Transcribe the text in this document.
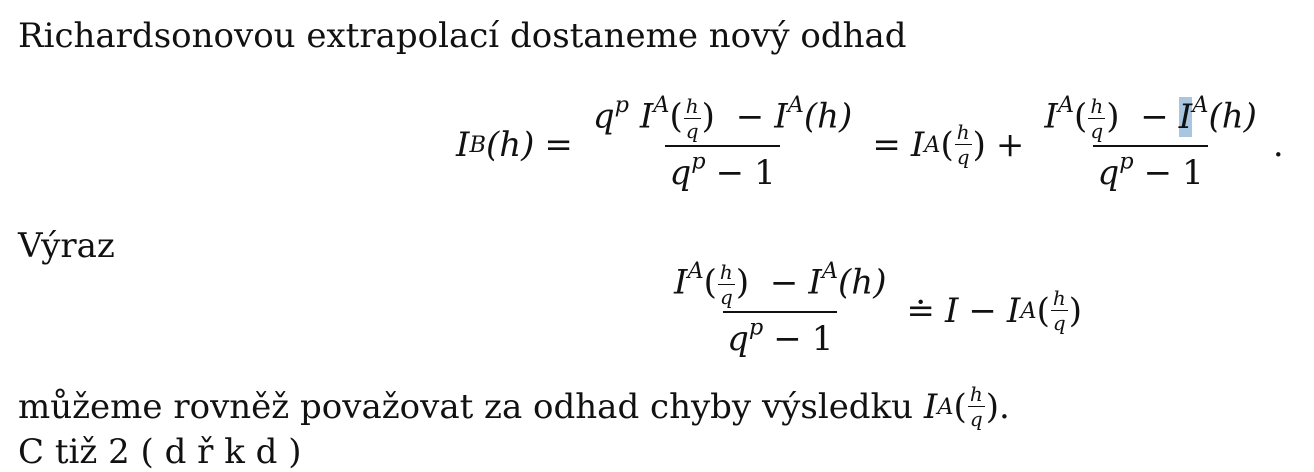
Richardsonovou extrapolací dostaneme nový odhad
I B $(h) = \frac{q^p I^A( \frac{h}{q} ) - I^A(h)}{q^p - 1} = I$ A ( h
q ) + $\frac{I^A( \frac{h}{q} ) - I^A(h)}{q^p - 1}$ .
Výraz
$\frac{I^A( \frac{h}{q} ) - I^A(h)}{q^p - 1}$ ≐ I − I A ( h
q )
můžeme rovněž považovat za odhad chyby výsledku
I A ( h
q ) .
C tiž 2 ( d ř k d )
